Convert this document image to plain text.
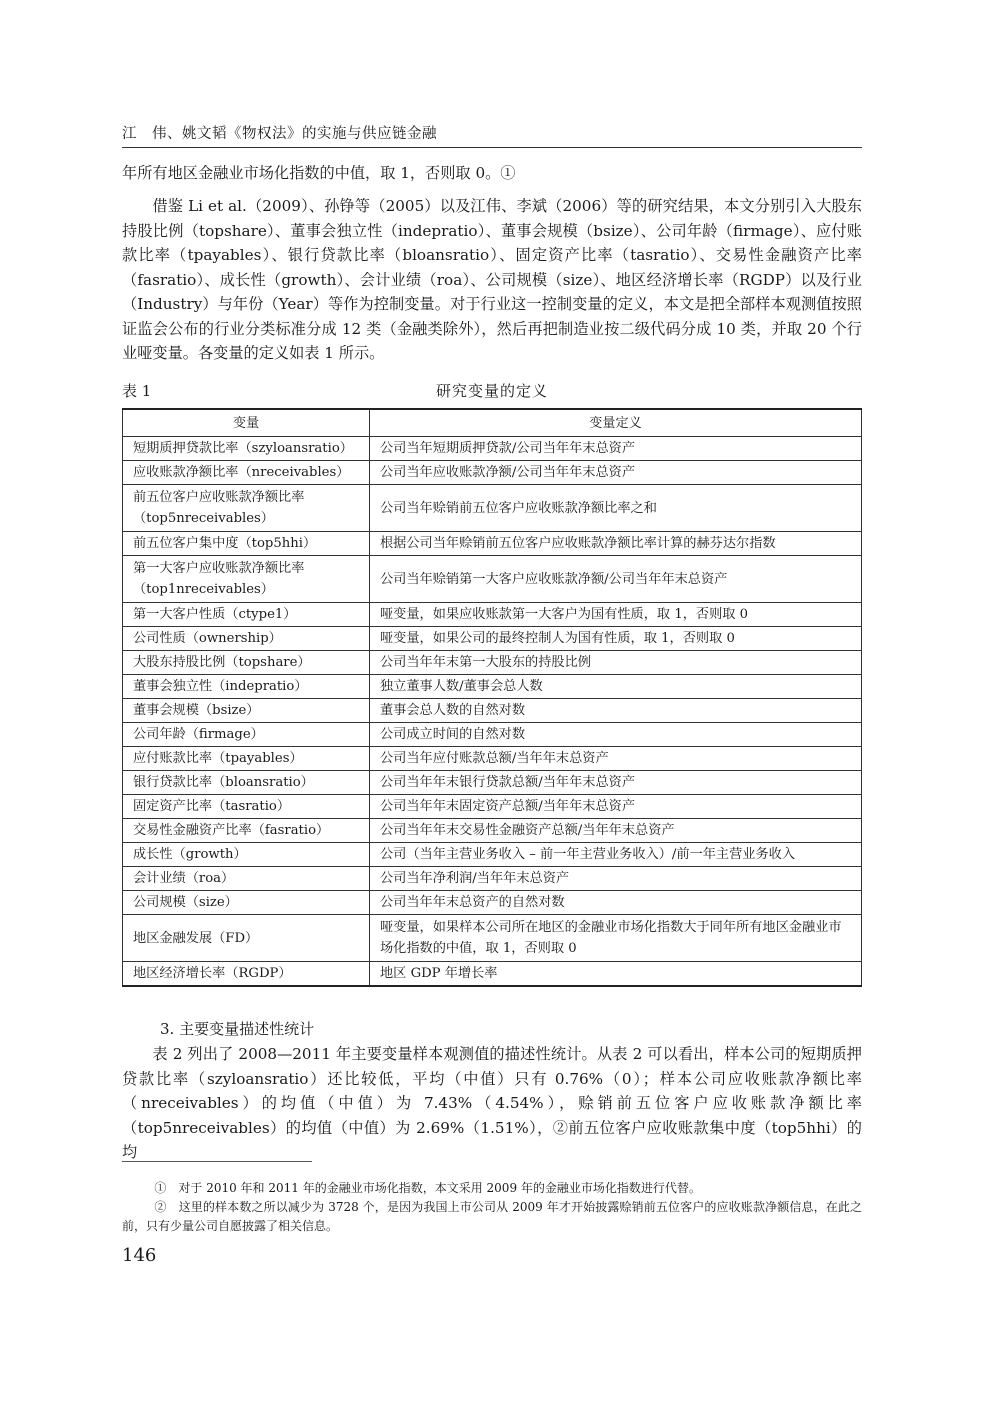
江　伟、姚文韬《物权法》的实施与供应链金融

年所有地区金融业市场化指数的中值，取 1，否则取 0。①

借鉴 Li et al.（2009）、孙铮等（2005）以及江伟、李斌（2006）等的研究结果，本文分别引入大股东持股比例（topshare）、董事会独立性（indepratio）、董事会规模（bsize）、公司年龄（firmage）、应付账款比率（tpayables）、银行贷款比率（bloansratio）、固定资产比率（tasratio）、交易性金融资产比率（fasratio）、成长性（growth）、会计业绩（roa）、公司规模（size）、地区经济增长率（RGDP）以及行业（Industry）与年份（Year）等作为控制变量。对于行业这一控制变量的定义，本文是把全部样本观测值按照证监会公布的行业分类标准分成 12 类（金融类除外），然后再把制造业按二级代码分成 10 类，并取 20 个行业哑变量。各变量的定义如表 1 所示。

表 1	研究变量的定义
变量	变量定义
短期质押贷款比率（szyloansratio）	公司当年短期质押贷款/公司当年年末总资产
应收账款净额比率（nreceivables）	公司当年应收账款净额/公司当年年末总资产
前五位客户应收账款净额比率（top5nreceivables）	公司当年赊销前五位客户应收账款净额比率之和
前五位客户集中度（top5hhi）	根据公司当年赊销前五位客户应收账款净额比率计算的赫芬达尔指数
第一大客户应收账款净额比率（top1nreceivables）	公司当年赊销第一大客户应收账款净额/公司当年年末总资产
第一大客户性质（ctype1）	哑变量，如果应收账款第一大客户为国有性质，取 1，否则取 0
公司性质（ownership）	哑变量，如果公司的最终控制人为国有性质，取 1，否则取 0
大股东持股比例（topshare）	公司当年年末第一大股东的持股比例
董事会独立性（indepratio）	独立董事人数/董事会总人数
董事会规模（bsize）	董事会总人数的自然对数
公司年龄（firmage）	公司成立时间的自然对数
应付账款比率（tpayables）	公司当年应付账款总额/当年年末总资产
银行贷款比率（bloansratio）	公司当年年末银行贷款总额/当年年末总资产
固定资产比率（tasratio）	公司当年年末固定资产总额/当年年末总资产
交易性金融资产比率（fasratio）	公司当年年末交易性金融资产总额/当年年末总资产
成长性（growth）	公司（当年主营业务收入 – 前一年主营业务收入）/前一年主营业务收入
会计业绩（roa）	公司当年净利润/当年年末总资产
公司规模（size）	公司当年年末总资产的自然对数
地区金融发展（FD）	哑变量，如果样本公司所在地区的金融业市场化指数大于同年所有地区金融业市场化指数的中值，取 1，否则取 0
地区经济增长率（RGDP）	地区 GDP 年增长率
3. 主要变量描述性统计

表 2 列出了 2008—2011 年主要变量样本观测值的描述性统计。从表 2 可以看出，样本公司的短期质押贷款比率（szyloansratio）还比较低，平均（中值）只有 0.76%（0）；样本公司应收账款净额比率（nreceivables）的均值（中值）为 7.43%（4.54%），赊销前五位客户应收账款净额比率（top5nreceivables）的均值（中值）为 2.69%（1.51%），②前五位客户应收账款集中度（top5hhi）的均

①　对于 2010 年和 2011 年的金融业市场化指数，本文采用 2009 年的金融业市场化指数进行代替。

②　这里的样本数之所以减少为 3728 个，是因为我国上市公司从 2009 年才开始披露赊销前五位客户的应收账款净额信息，在此之前，只有少量公司自愿披露了相关信息。

146
